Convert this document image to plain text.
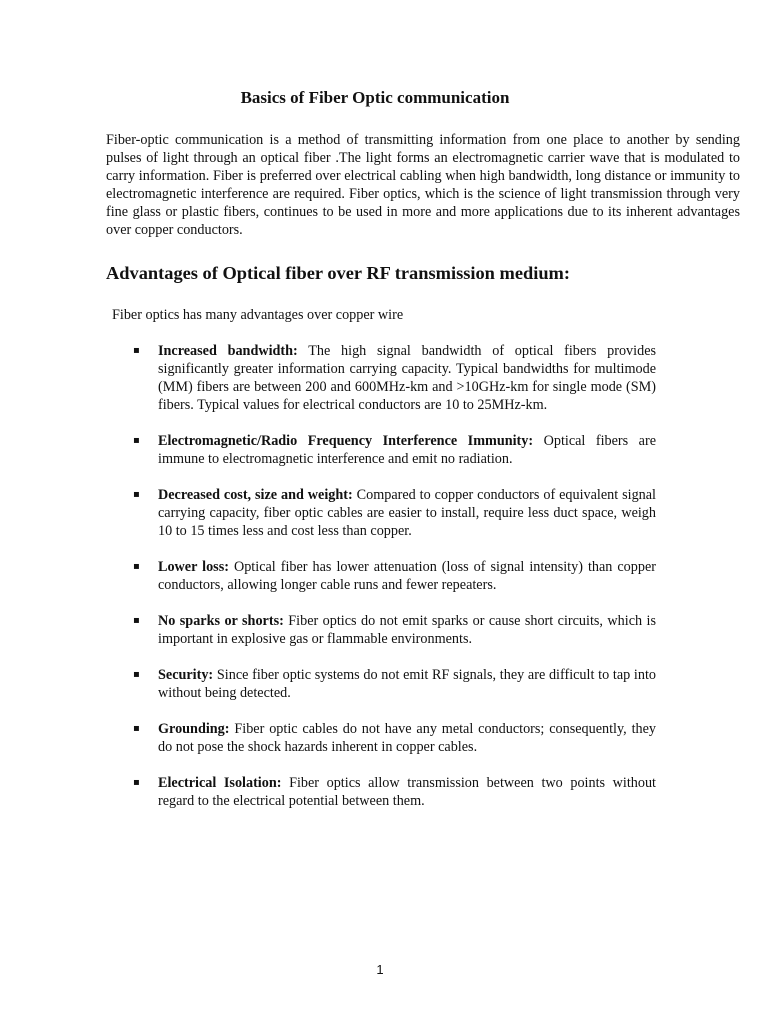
Basics of Fiber Optic communication

Fiber-optic communication is a method of transmitting information from one place to another by sending pulses of light through an optical fiber .The light forms an electromagnetic carrier wave that is modulated to carry information. Fiber is preferred over electrical cabling when high bandwidth, long distance or immunity to electromagnetic interference are required. Fiber optics, which is the science of light transmission through very fine glass or plastic fibers, continues to be used in more and more applications due to its inherent advantages over copper conductors.

Advantages of Optical fiber over RF transmission medium:

Fiber optics has many advantages over copper wire

▪ Increased bandwidth: The high signal bandwidth of optical fibers provides significantly greater information carrying capacity. Typical bandwidths for multimode (MM) fibers are between 200 and 600MHz-km and >10GHz-km for single mode (SM) fibers. Typical values for electrical conductors are 10 to 25MHz-km.
▪ Electromagnetic/Radio Frequency Interference Immunity: Optical fibers are immune to electromagnetic interference and emit no radiation.
▪ Decreased cost, size and weight: Compared to copper conductors of equivalent signal carrying capacity, fiber optic cables are easier to install, require less duct space, weigh 10 to 15 times less and cost less than copper.
▪ Lower loss: Optical fiber has lower attenuation (loss of signal intensity) than copper conductors, allowing longer cable runs and fewer repeaters.
▪ No sparks or shorts: Fiber optics do not emit sparks or cause short circuits, which is important in explosive gas or flammable environments.
▪ Security: Since fiber optic systems do not emit RF signals, they are difficult to tap into without being detected.
▪ Grounding: Fiber optic cables do not have any metal conductors; consequently, they do not pose the shock hazards inherent in copper cables.
▪ Electrical Isolation: Fiber optics allow transmission between two points without regard to the electrical potential between them.
1
